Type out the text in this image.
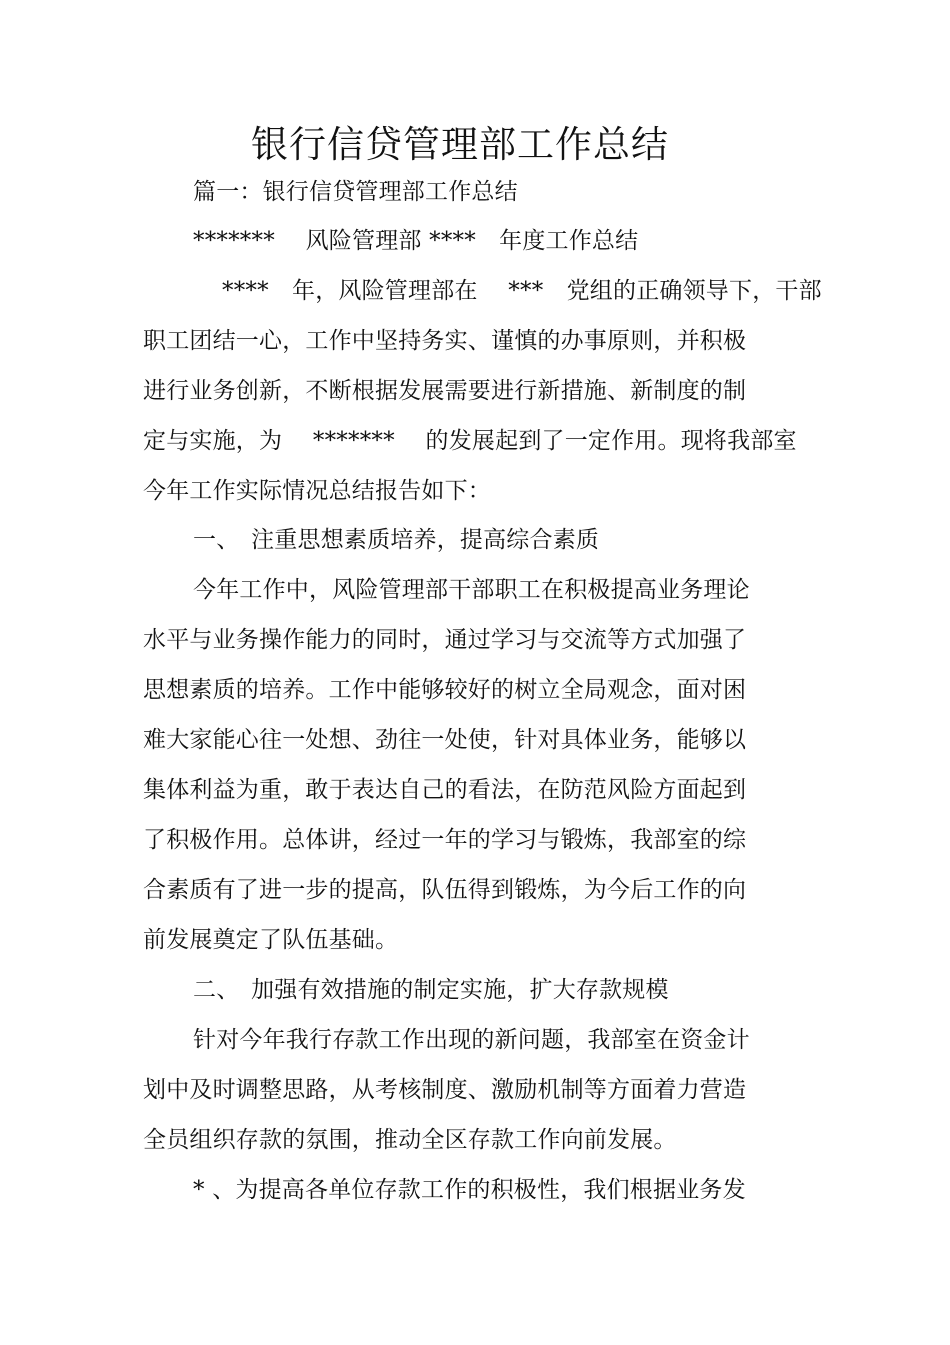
银行信贷管理部工作总结
篇一：银行信贷管理部工作总结
*******　 风险管理部 ****　年度工作总结
****　年，风险管理部在　 ***　党组的正确领导下，干部
职工团结一心，工作中坚持务实、谨慎的办事原则，并积极
进行业务创新，不断根据发展需要进行新措施、新制度的制
定与实施，为　 *******　 的发展起到了一定作用。现将我部室
今年工作实际情况总结报告如下：
一、　注重思想素质培养，提高综合素质
今年工作中，风险管理部干部职工在积极提高业务理论
水平与业务操作能力的同时，通过学习与交流等方式加强了
思想素质的培养。工作中能够较好的树立全局观念，面对困
难大家能心往一处想、劲往一处使，针对具体业务，能够以
集体利益为重，敢于表达自己的看法，在防范风险方面起到
了积极作用。总体讲，经过一年的学习与锻炼，我部室的综
合素质有了进一步的提高，队伍得到锻炼，为今后工作的向
前发展奠定了队伍基础。
二、　加强有效措施的制定实施，扩大存款规模
针对今年我行存款工作出现的新问题，我部室在资金计
划中及时调整思路，从考核制度、激励机制等方面着力营造
全员组织存款的氛围，推动全区存款工作向前发展。
* 、为提高各单位存款工作的积极性，我们根据业务发
